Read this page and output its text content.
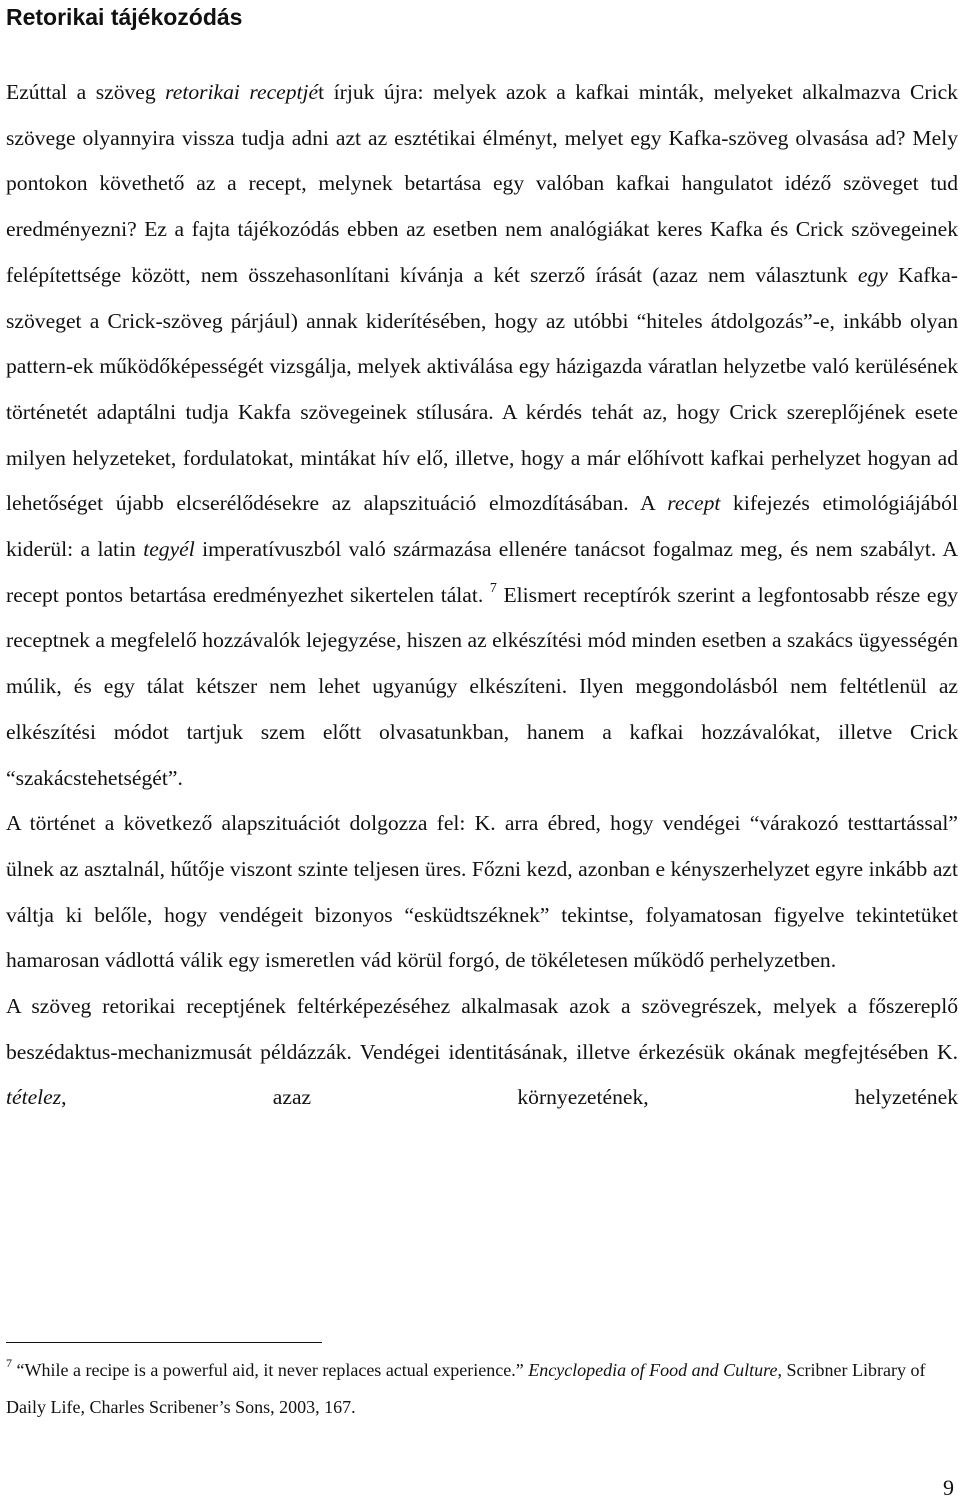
Retorikai tájékozódás

Ezúttal a szöveg retorikai receptjét írjuk újra: melyek azok a kafkai minták, melyeket alkalmazva Crick szövege olyannyira vissza tudja adni azt az esztétikai élményt, melyet egy Kafka-szöveg olvasása ad? Mely pontokon követhető az a recept, melynek betartása egy valóban kafkai hangulatot idéző szöveget tud eredményezni? Ez a fajta tájékozódás ebben az esetben nem analógiákat keres Kafka és Crick szövegeinek felépítettsége között, nem összehasonlítani kívánja a két szerző írását (azaz nem választunk egy Kafka-szöveget a Crick-szöveg párjául) annak kiderítésében, hogy az utóbbi “hiteles átdolgozás”-e, inkább olyan pattern-ek működőképességét vizsgálja, melyek aktiválása egy házigazda váratlan helyzetbe való kerülésének történetét adaptálni tudja Kakfa szövegeinek stílusára. A kérdés tehát az, hogy Crick szereplőjének esete milyen helyzeteket, fordulatokat, mintákat hív elő, illetve, hogy a már előhívott kafkai perhelyzet hogyan ad lehetőséget újabb elcserélődésekre az alapszituáció elmozdításában. A recept kifejezés etimológiájából kiderül: a latin tegyél imperatívuszból való származása ellenére tanácsot fogalmaz meg, és nem szabályt. A recept pontos betartása eredményezhet sikertelen tálat. $^7$ Elismert receptírók szerint a legfontosabb része egy receptnek a megfelelő hozzávalók lejegyzése, hiszen az elkészítési mód minden esetben a szakács ügyességén múlik, és egy tálat kétszer nem lehet ugyanúgy elkészíteni. Ilyen meggondolásból nem feltétlenül az elkészítési módot tartjuk szem előtt olvasatunkban, hanem a kafkai hozzávalókat, illetve Crick “szakácstehetségét”.

A történet a következő alapszituációt dolgozza fel: K. arra ébred, hogy vendégei “várakozó testtartással” ülnek az asztalnál, hűtője viszont szinte teljesen üres. Főzni kezd, azonban e kényszerhelyzet egyre inkább azt váltja ki belőle, hogy vendégeit bizonyos “esküdtszéknek” tekintse, folyamatosan figyelve tekintetüket hamarosan vádlottá válik egy ismeretlen vád körül forgó, de tökéletesen működő perhelyzetben.

A szöveg retorikai receptjének feltérképezéséhez alkalmasak azok a szövegrészek, melyek a főszereplő beszédaktus-mechanizmusát példázzák. Vendégei identitásának, illetve érkezésük okának megfejtésében K. tételez, azaz környezetének, helyzetének

$^7$ “While a recipe is a powerful aid, it never replaces actual experience.” Encyclopedia of Food and Culture, Scribner Library of Daily Life, Charles Scribener’s Sons, 2003, 167.
9
